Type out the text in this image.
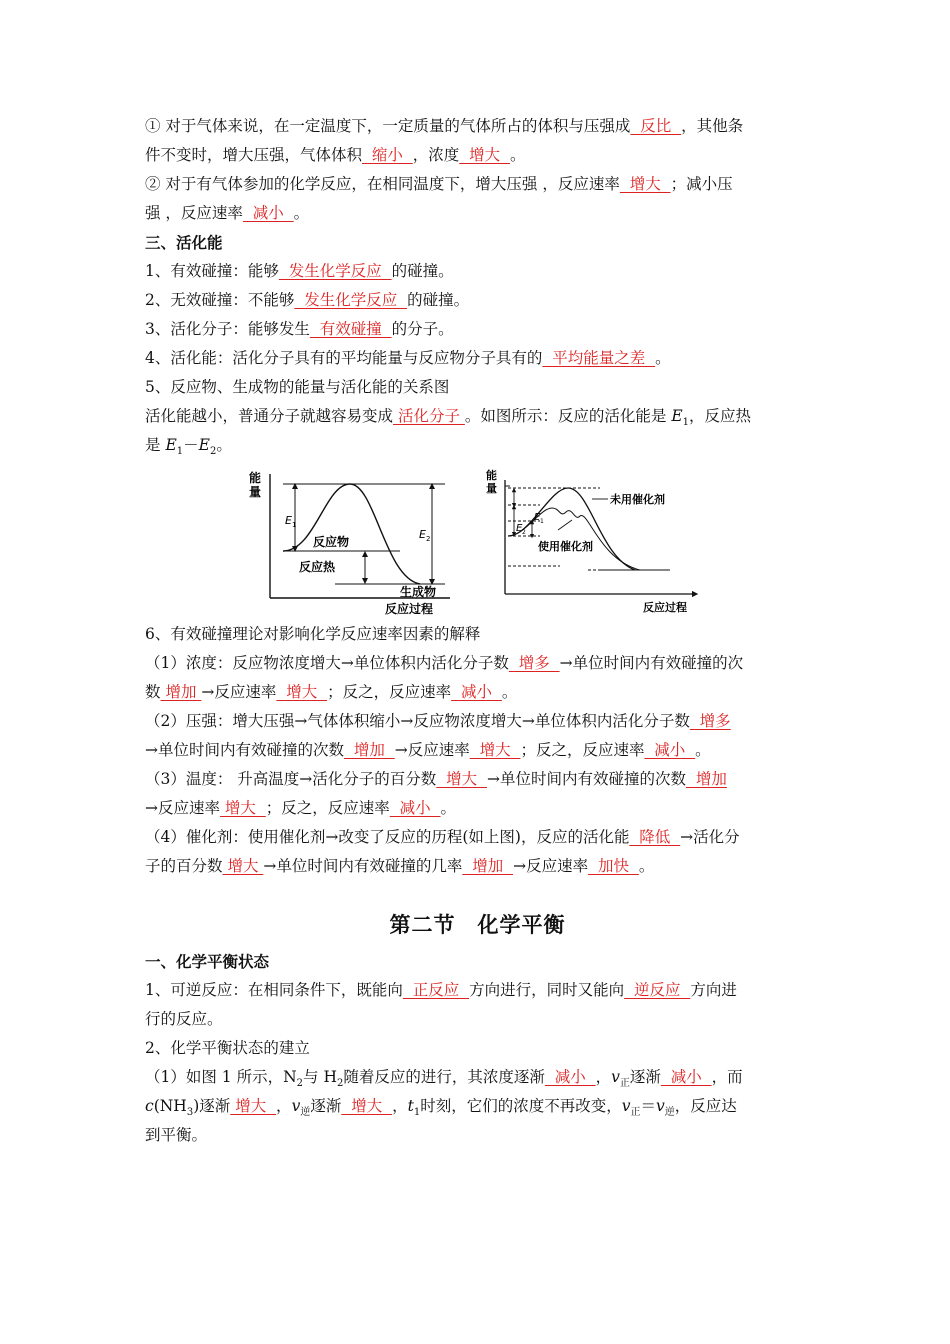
① 对于气体来说，在一定温度下，一定质量的气体所占的体积与压强成  反比  ，其他条
件不变时，增大压强，气体体积  缩小  ，浓度  增大  。
② 对于有气体参加的化学反应，在相同温度下，增大压强 ，反应速率  增大  ；减小压
强 ，反应速率  减小  。
三、活化能
1、有效碰撞：能够  发生化学反应  的碰撞。
2、无效碰撞：不能够  发生化学反应  的碰撞。
3、活化分子：能够发生  有效碰撞  的分子。
4、活化能：活化分子具有的平均能量与反应物分子具有的  平均能量之差  。
5、反应物、生成物的能量与活化能的关系图
活化能越小，普通分子就越容易变成 活化分子 。如图所示：反应的活化能是 $E_1$，反应热
是 $E_1-E_2$。
能
量
E 1
E 2
反应物
反应热
生成物
反应过程
能
量
未用催化剂
使用催化剂
E 1
E 2
反应过程
6、有效碰撞理论对影响化学反应速率因素的解释
（1）浓度：反应物浓度增大→单位体积内活化分子数  增多  →单位时间内有效碰撞的次
数 增加 →反应速率  增大  ；反之，反应速率  减小  。
（2）压强：增大压强→气体体积缩小→反应物浓度增大→单位体积内活化分子数  增多
→单位时间内有效碰撞的次数  增加  →反应速率  增大  ；反之，反应速率  减小  。
（3）温度： 升高温度→活化分子的百分数  增大  →单位时间内有效碰撞的次数  增加
→反应速率 增大  ；反之，反应速率  减小  。
（4）催化剂：使用催化剂→改变了反应的历程(如上图)，反应的活化能  降低  →活化分
子的百分数 增大 →单位时间内有效碰撞的几率  增加  →反应速率  加快  。
第二节　化学平衡
一、化学平衡状态
1、可逆反应：在相同条件下，既能向  正反应  方向进行，同时又能向  逆反应  方向进
行的反应。
2、化学平衡状态的建立
（1）如图 1 所示，$N_2$与 $H_2$随着反应的进行，其浓度逐渐  减小  ，$v_正$逐渐  减小  ，而
$c(NH_3)$逐渐 增大  ，$v_逆$逐渐  增大  ，$t_1$时刻，它们的浓度不再改变，$v_正=v_逆$，反应达
到平衡。
